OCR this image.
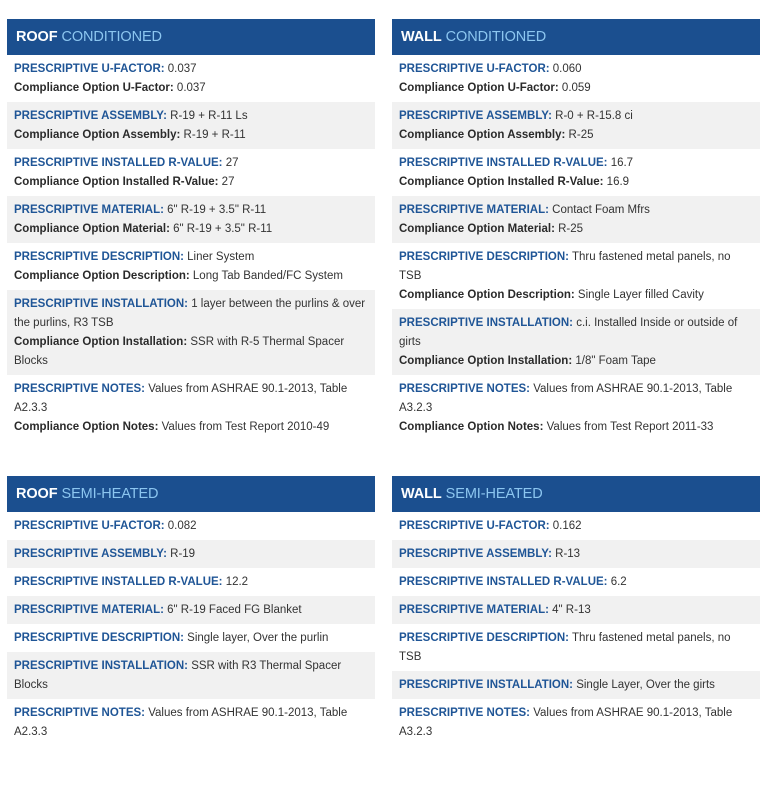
ROOF CONDITIONED
PRESCRIPTIVE U-FACTOR: 0.037
Compliance Option U-Factor: 0.037
PRESCRIPTIVE ASSEMBLY: R-19 + R-11 Ls
Compliance Option Assembly: R-19 + R-11
PRESCRIPTIVE INSTALLED R-VALUE: 27
Compliance Option Installed R-Value: 27
PRESCRIPTIVE MATERIAL: 6" R-19 + 3.5" R-11
Compliance Option Material: 6" R-19 + 3.5" R-11
PRESCRIPTIVE DESCRIPTION: Liner System
Compliance Option Description: Long Tab Banded/FC System
PRESCRIPTIVE INSTALLATION: 1 layer between the purlins & over the purlins, R3 TSB
Compliance Option Installation: SSR with R-5 Thermal Spacer Blocks
PRESCRIPTIVE NOTES: Values from ASHRAE 90.1-2013, Table A2.3.3
Compliance Option Notes: Values from Test Report 2010-49
WALL CONDITIONED
PRESCRIPTIVE U-FACTOR: 0.060
Compliance Option U-Factor: 0.059
PRESCRIPTIVE ASSEMBLY: R-0 + R-15.8 ci
Compliance Option Assembly: R-25
PRESCRIPTIVE INSTALLED R-VALUE: 16.7
Compliance Option Installed R-Value: 16.9
PRESCRIPTIVE MATERIAL: Contact Foam Mfrs
Compliance Option Material: R-25
PRESCRIPTIVE DESCRIPTION: Thru fastened metal panels, no TSB
Compliance Option Description: Single Layer filled Cavity
PRESCRIPTIVE INSTALLATION: c.i. Installed Inside or outside of girts
Compliance Option Installation: 1/8" Foam Tape
PRESCRIPTIVE NOTES: Values from ASHRAE 90.1-2013, Table A3.2.3
Compliance Option Notes: Values from Test Report 2011-33
ROOF SEMI-HEATED
PRESCRIPTIVE U-FACTOR: 0.082
PRESCRIPTIVE ASSEMBLY: R-19
PRESCRIPTIVE INSTALLED R-VALUE: 12.2
PRESCRIPTIVE MATERIAL: 6" R-19 Faced FG Blanket
PRESCRIPTIVE DESCRIPTION: Single layer, Over the purlin
PRESCRIPTIVE INSTALLATION: SSR with R3 Thermal Spacer Blocks
PRESCRIPTIVE NOTES: Values from ASHRAE 90.1-2013, Table A2.3.3
WALL SEMI-HEATED
PRESCRIPTIVE U-FACTOR: 0.162
PRESCRIPTIVE ASSEMBLY: R-13
PRESCRIPTIVE INSTALLED R-VALUE: 6.2
PRESCRIPTIVE MATERIAL: 4" R-13
PRESCRIPTIVE DESCRIPTION: Thru fastened metal panels, no TSB
PRESCRIPTIVE INSTALLATION: Single Layer, Over the girts
PRESCRIPTIVE NOTES: Values from ASHRAE 90.1-2013, Table A3.2.3
